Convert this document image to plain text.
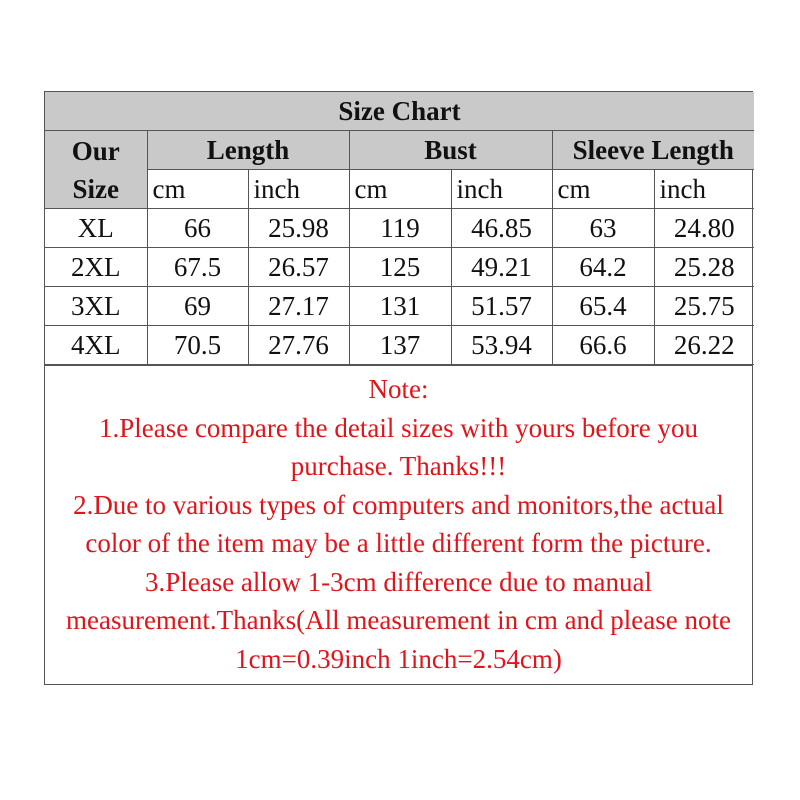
Size Chart						
Our
Size	Length		Bust		Sleeve Length	
	cm	inch	cm	inch	cm	inch
XL	66	25.98	119	46.85	63	24.80
2XL	67.5	26.57	125	49.21	64.2	25.28
3XL	69	27.17	131	51.57	65.4	25.75
4XL	70.5	27.76	137	53.94	66.6	26.22

Note:

1.Please compare the detail sizes with yours before you purchase. Thanks!!!

2.Due to various types of computers and monitors,the actual color of the item may be a little different form the picture.

3.Please allow 1-3cm difference due to manual measurement.Thanks(All measurement in cm and please note 1cm=0.39inch 1inch=2.54cm)
